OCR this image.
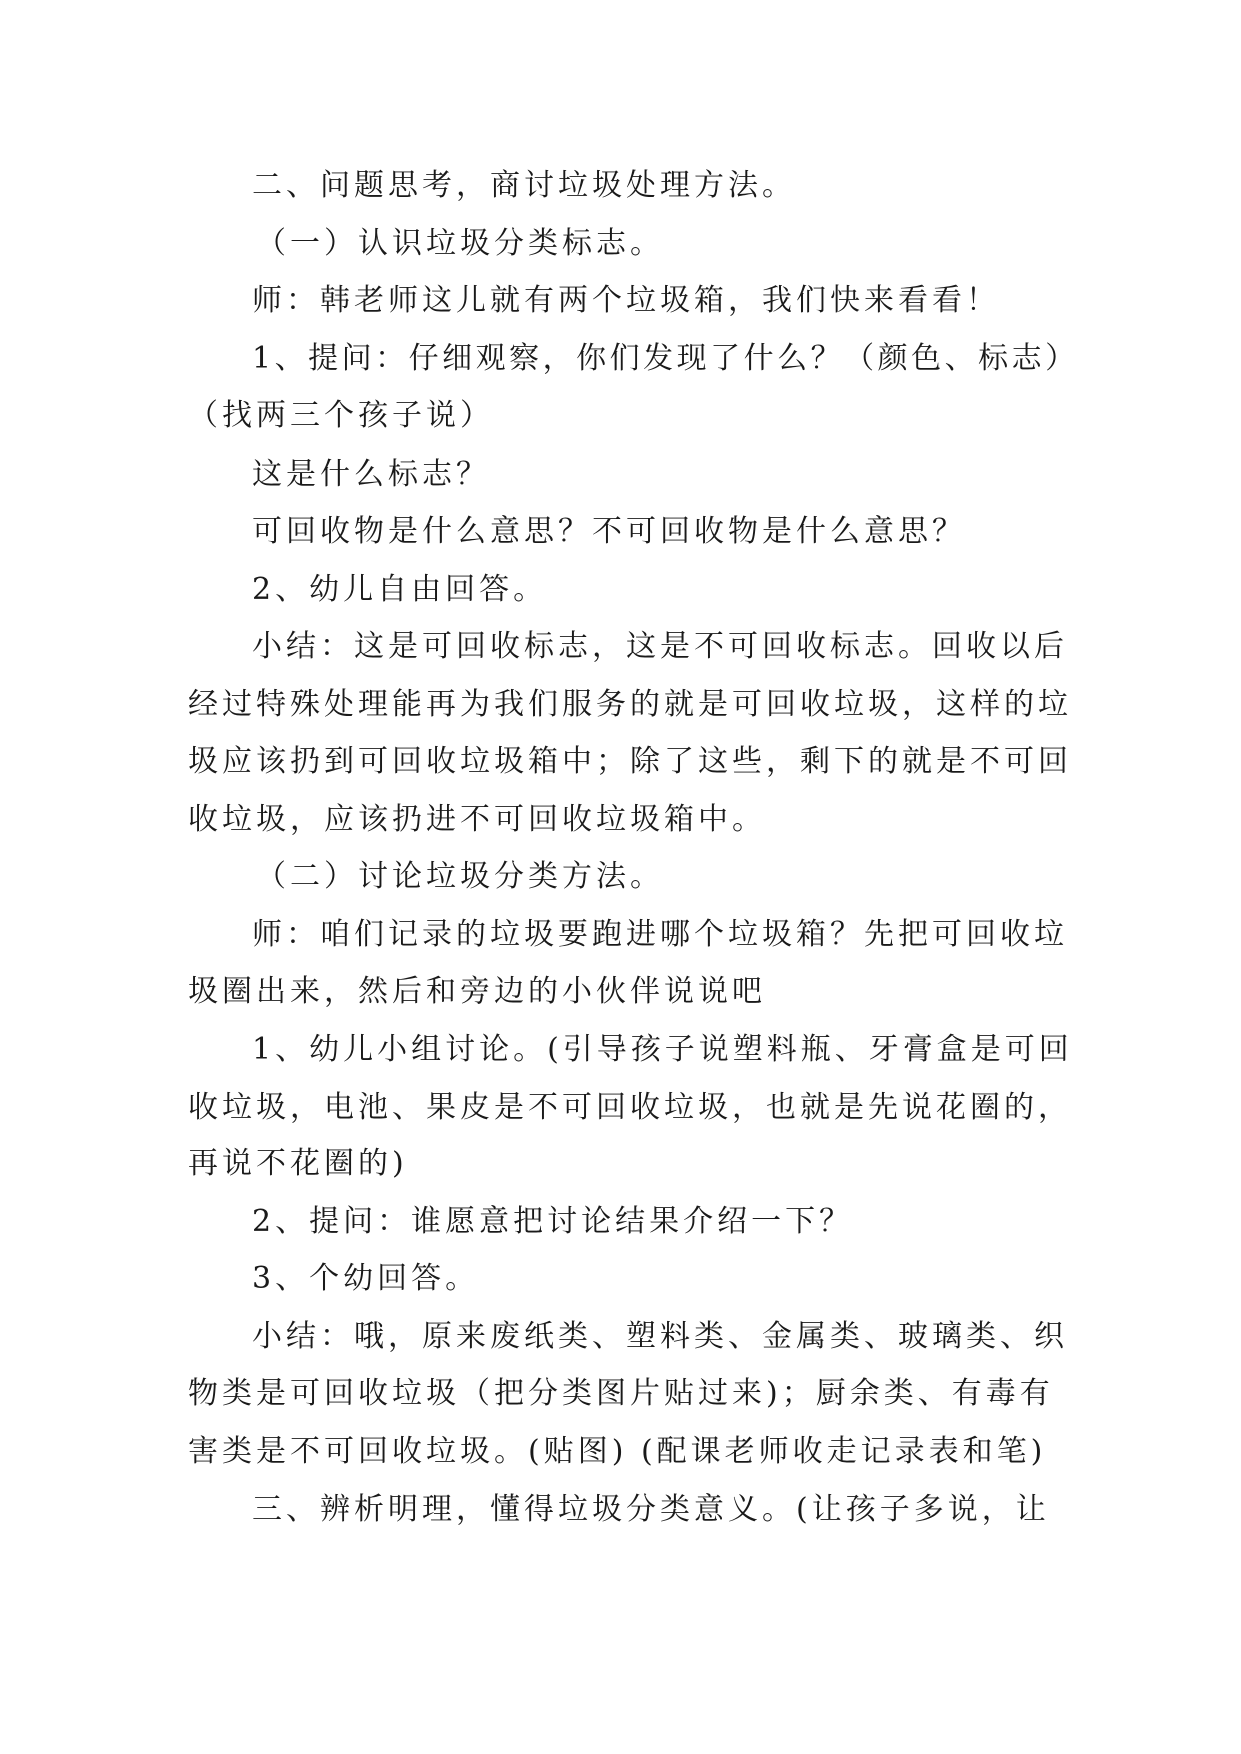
二、问题思考，商讨垃圾处理方法。
（一）认识垃圾分类标志。
师：韩老师这儿就有两个垃圾箱，我们快来看看！
1、提问：仔细观察，你们发现了什么？（颜色、标志）
（找两三个孩子说）
这是什么标志？
可回收物是什么意思？不可回收物是什么意思？
2、幼儿自由回答。
小结：这是可回收标志，这是不可回收标志。回收以后
经过特殊处理能再为我们服务的就是可回收垃圾，这样的垃
圾应该扔到可回收垃圾箱中；除了这些，剩下的就是不可回
收垃圾，应该扔进不可回收垃圾箱中。
（二）讨论垃圾分类方法。
师：咱们记录的垃圾要跑进哪个垃圾箱？先把可回收垃
圾圈出来，然后和旁边的小伙伴说说吧
1、幼儿小组讨论。(引导孩子说塑料瓶、牙膏盒是可回
收垃圾，电池、果皮是不可回收垃圾，也就是先说花圈的，
再说不花圈的)
2、提问：谁愿意把讨论结果介绍一下？
3、个幼回答。
小结：哦，原来废纸类、塑料类、金属类、玻璃类、织
物类是可回收垃圾（把分类图片贴过来)；厨余类、有毒有
害类是不可回收垃圾。(贴图) (配课老师收走记录表和笔)
三、辨析明理，懂得垃圾分类意义。(让孩子多说，让
